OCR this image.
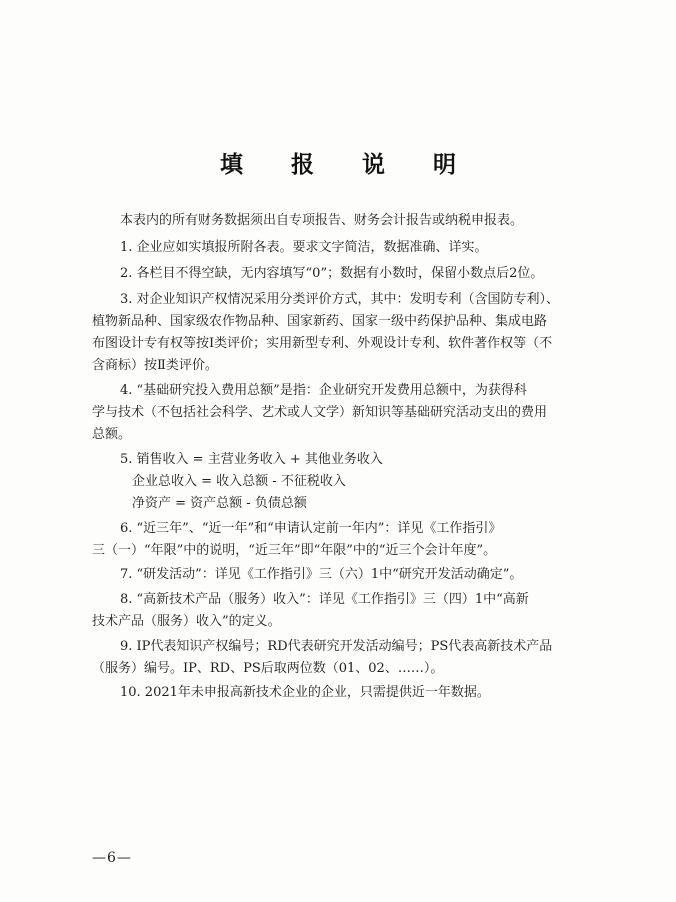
填 报 说 明
本表内的所有财务数据须出自专项报告、财务会计报告或纳税申报表。
1. 企业应如实填报所附各表。要求文字简洁，数据准确、详实。
2. 各栏目不得空缺，无内容填写“0”；数据有小数时，保留小数点后2位。
3. 对企业知识产权情况采用分类评价方式，其中：发明专利（含国防专利）、
植物新品种、国家级农作物品种、国家新药、国家一级中药保护品种、集成电路
布图设计专有权等按Ⅰ类评价；实用新型专利、外观设计专利、软件著作权等（不
含商标）按Ⅱ类评价。
4. “基础研究投入费用总额”是指：企业研究开发费用总额中，为获得科
学与技术（不包括社会科学、艺术或人文学）新知识等基础研究活动支出的费用
总额。
5. 销售收入 = 主营业务收入 + 其他业务收入
企业总收入 = 收入总额 - 不征税收入
净资产 = 资产总额 - 负债总额
6. “近三年”、“近一年”和“申请认定前一年内”：详见《工作指引》
三（一）“年限”中的说明，“近三年”即“年限”中的“近三个会计年度”。
7. “研发活动”：详见《工作指引》三（六）1中“研究开发活动确定”。
8. “高新技术产品（服务）收入”：详见《工作指引》三（四）1中“高新
技术产品（服务）收入”的定义。
9. IP代表知识产权编号；RD代表研究开发活动编号；PS代表高新技术产品
（服务）编号。IP、RD、PS后取两位数（01、02、……）。
10. 2021年未申报高新技术企业的企业，只需提供近一年数据。
—6—
